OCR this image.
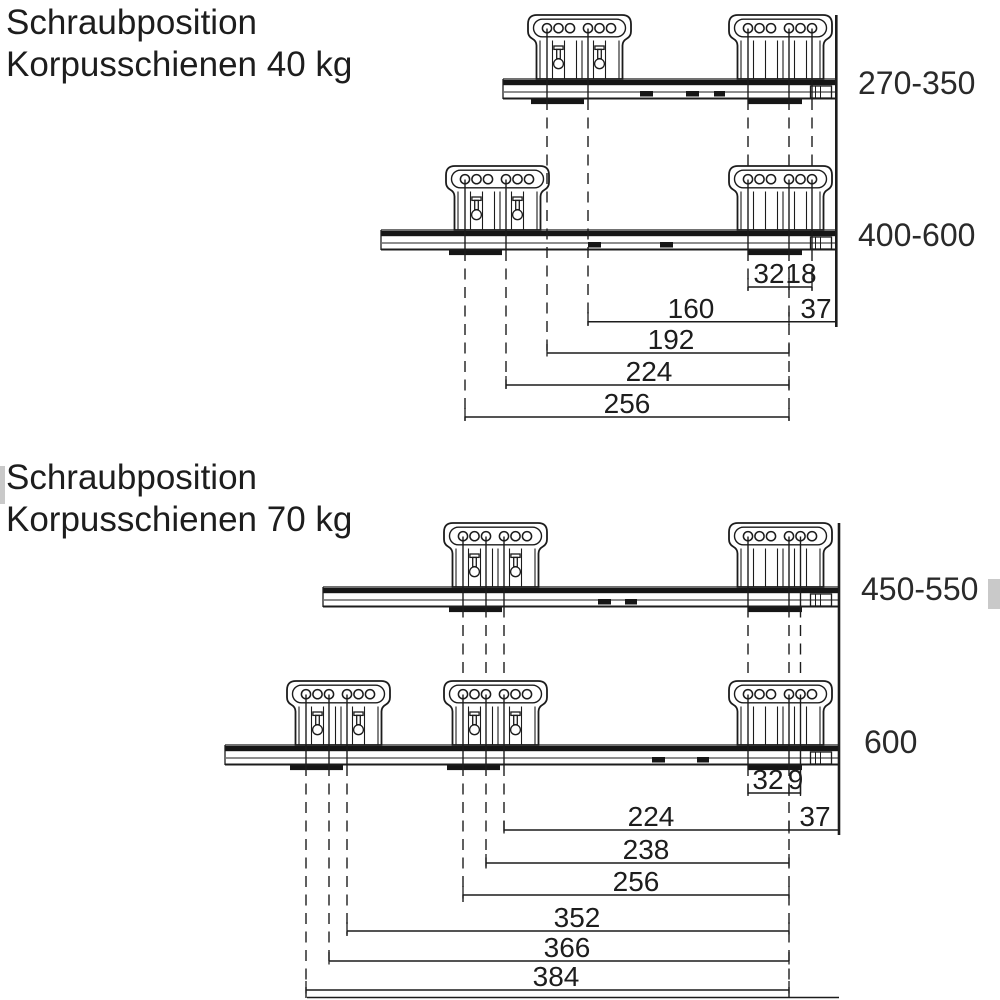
Schraubposition
Korpusschienen 40 kg	270-350
400-600
32 18
160	37
192
224
256
Schraubposition
Korpusschienen 70 kg
450-550
600
32 9
224	37
238
256
352
366
384
